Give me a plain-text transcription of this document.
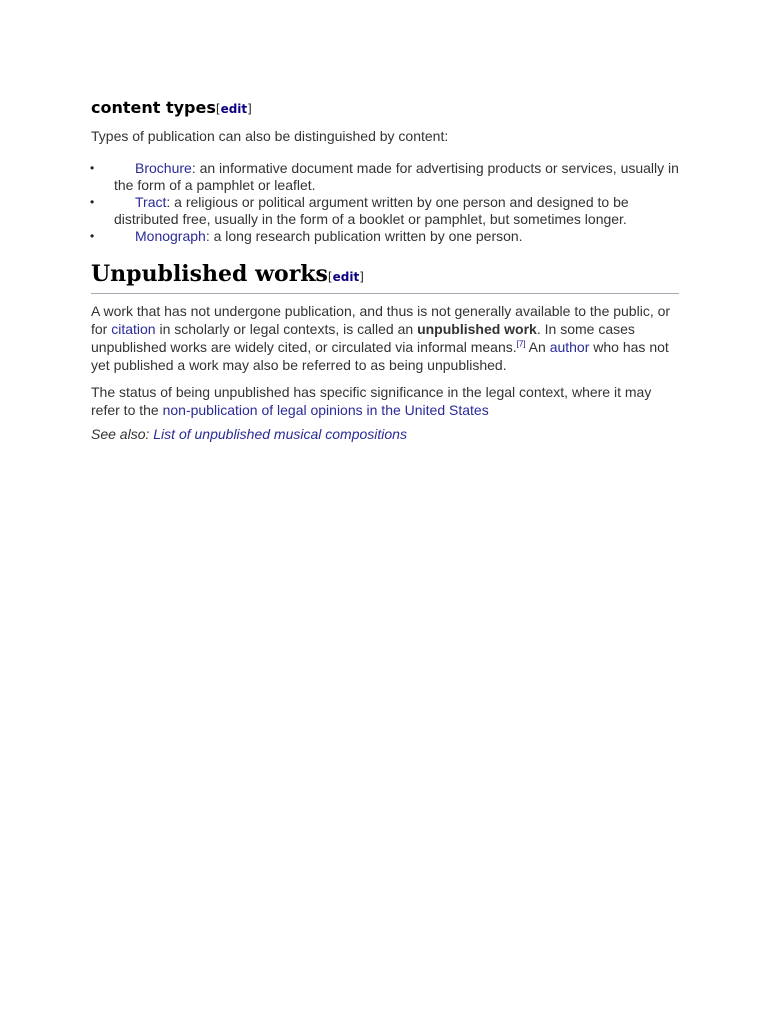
content types[edit]

Types of publication can also be distinguished by content:

•	Brochure: an informative document made for advertising products or services, usually in the form of a pamphlet or leaflet.
•	Tract: a religious or political argument written by one person and designed to be distributed free, usually in the form of a booklet or pamphlet, but sometimes longer.
•	Monograph: a long research publication written by one person.
Unpublished works[edit]

A work that has not undergone publication, and thus is not generally available to the public, or for citation in scholarly or legal contexts, is called an unpublished work. In some cases unpublished works are widely cited, or circulated via informal means.[7] An author who has not yet published a work may also be referred to as being unpublished.

The status of being unpublished has specific significance in the legal context, where it may refer to the non-publication of legal opinions in the United States

See also: List of unpublished musical compositions
